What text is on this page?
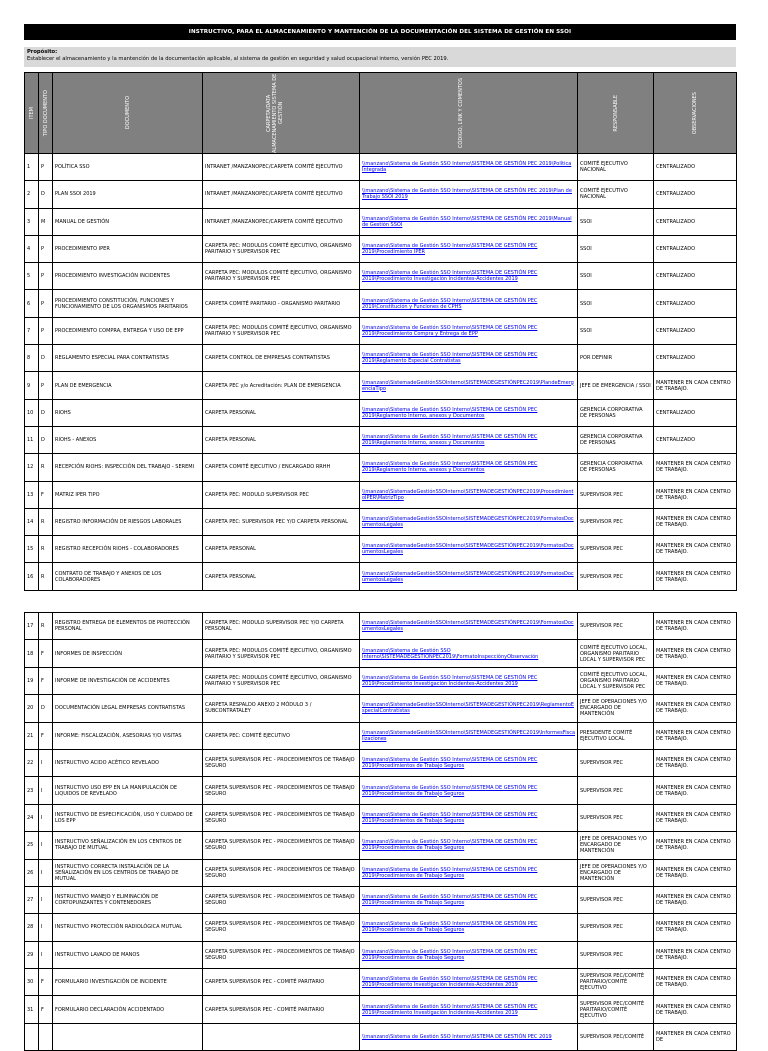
INSTRUCTIVO, PARA EL ALMACENAMIENTO Y MANTENCIÓN DE LA DOCUMENTACIÓN DEL SISTEMA DE GESTIÓN EN SSOI
Propósito:
Establecer el almacenamiento y la mantención de la documentación aplicable, al sistema de gestión en seguridad y salud ocupacional interno, versión PEC 2019.
ITEM	TIPO DOCUMENTO	DOCUMENTO	CARPETA/DATA ALMACENAMIENTO SISTEMA DE GESTIÓN	CÓDIGO, LINK Y COMENTOS	RESPONSABLE	OBSERVACIONES

1	P	POLÍTICA SSO	INTRANET /MANZANOPEC/CARPETA COMITÉ EJECUTIVO	\\manzano\Sistema de Gestión SSO Interno\SISTEMA DE GESTIÓN PEC 2019\Política Integrada	COMITÉ EJECUTIVO NACIONAL	CENTRALIZADO
2	D	PLAN SSOI 2019	INTRANET /MANZANOPEC/CARPETA COMITÉ EJECUTIVO	\\manzano\Sistema de Gestión SSO Interno\SISTEMA DE GESTIÓN PEC 2019\Plan de Trabajo SSOI 2019	COMITÉ EJECUTIVO NACIONAL	CENTRALIZADO
3	M	MANUAL DE GESTIÓN	INTRANET /MANZANOPEC/CARPETA COMITÉ EJECUTIVO	\\manzano\Sistema de Gestión SSO Interno\SISTEMA DE GESTIÓN PEC 2019\Manual de Gestión SSOI	SSOI	CENTRALIZADO
4	P	PROCEDIMIENTO IPER	CARPETA PEC: MODULOS COMITÉ EJECUTIVO, ORGANISMO PARITARIO Y SUPERVISOR PEC	\\manzano\Sistema de Gestión SSO Interno\SISTEMA DE GESTIÓN PEC 2019\Procedimiento IPER	SSOI	CENTRALIZADO
5	P	PROCEDIMIENTO INVESTIGACIÓN INCIDENTES	CARPETA PEC: MODULOS COMITÉ EJECUTIVO, ORGANISMO PARITARIO Y SUPERVISOR PEC	\\manzano\Sistema de Gestión SSO Interno\SISTEMA DE GESTIÓN PEC 2019\Procedimiento Investigación Incidentes-Accidentes 2019	SSOI	CENTRALIZADO
6	P	PROCEDIMIENTO CONSTITUCIÓN, FUNCIONES Y FUNCIONAMIENTO DE LOS ORGANISMOS PARITARIOS	CARPETA COMITÉ PARITARIO - ORGANISMO PARITARIO	\\manzano\Sistema de Gestión SSO Interno\SISTEMA DE GESTIÓN PEC 2019\Constitución y Funciones de CPHS	SSOI	CENTRALIZADO
7	P	PROCEDIMIENTO COMPRA, ENTREGA Y USO DE EPP	CARPETA PEC: MODULOS COMITÉ EJECUTIVO, ORGANISMO PARITARIO Y SUPERVISOR PEC	\\manzano\Sistema de Gestión SSO Interno\SISTEMA DE GESTIÓN PEC 2019\Procedimiento Compra y Entrega de EPP	SSOI	CENTRALIZADO
8	D	REGLAMENTO ESPECIAL PARA CONTRATISTAS	CARPETA CONTROL DE EMPRESAS CONTRATISTAS	\\manzano\Sistema de Gestión SSO Interno\SISTEMA DE GESTIÓN PEC 2019\Reglamento Especial Contratistas	POR DEFINIR	CENTRALIZADO
9	P	PLAN DE EMERGENCIA	CARPETA PEC y/o Acreditación: PLAN DE EMERGENCIA	\\manzano\SistemadeGestiónSSOInterno\SISTEMADEGESTIÓNPEC2019\PlandeEmergenciaTipo	JEFE DE EMERGENCIA / SSOI	MANTENER EN CADA CENTRO DE TRABAJO.
10	D	RIOHS	CARPETA PERSONAL	\\manzano\Sistema de Gestión SSO Interno\SISTEMA DE GESTIÓN PEC 2019\Reglamento Interno, anexos y Documentos	GERENCIA CORPORATIVA DE PERSONAS	CENTRALIZADO
11	D	RIOHS - ANEXOS	CARPETA PERSONAL	\\manzano\Sistema de Gestión SSO Interno\SISTEMA DE GESTIÓN PEC 2019\Reglamento Interno, anexos y Documentos	GERENCIA CORPORATIVA DE PERSONAS	CENTRALIZADO
12	R	RECEPCIÓN RIOHS: INSPECCIÓN DEL TRABAJO - SEREMI	CARPETA COMITÉ EJECUTIVO / ENCARGADO RRHH	\\manzano\Sistema de Gestión SSO Interno\SISTEMA DE GESTIÓN PEC 2019\Reglamento Interno, anexos y Documentos	GERENCIA CORPORATIVA DE PERSONAS	MANTENER EN CADA CENTRO DE TRABAJO.
13	F	MATRIZ IPER TIPO	CARPETA PEC: MODULO SUPERVISOR PEC	\\manzano\SistemadeGestiónSSOInterno\SISTEMADEGESTIÓNPEC2019\ProcedimientoIPER\MatrizTipo	SUPERVISOR PEC	MANTENER EN CADA CENTRO DE TRABAJO.
14	R	REGISTRO INFORMACIÓN DE RIESGOS LABORALES	CARPETA PEC: SUPERVISOR PEC Y/O CARPETA PERSONAL	\\manzano\SistemadeGestiónSSOInterno\SISTEMADEGESTIÓNPEC2019\FormatosDocumentosLegales	SUPERVISOR PEC	MANTENER EN CADA CENTRO DE TRABAJO.
15	R	REGISTRO RECEPCIÓN RIOHS - COLABORADORES	CARPETA PERSONAL	\\manzano\SistemadeGestiónSSOInterno\SISTEMADEGESTIÓNPEC2019\FormatosDocumentosLegales	SUPERVISOR PEC	MANTENER EN CADA CENTRO DE TRABAJO.
16	R	CONTRATO DE TRABAJO Y ANEXOS DE LOS COLABORADORES	CARPETA PERSONAL	\\manzano\SistemadeGestiónSSOInterno\SISTEMADEGESTIÓNPEC2019\FormatosDocumentosLegales	SUPERVISOR PEC	MANTENER EN CADA CENTRO DE TRABAJO.
17	R	REGISTRO ENTREGA DE ELEMENTOS DE PROTECCIÓN PERSONAL	CARPETA PEC: MODULO SUPERVISOR PEC Y/O CARPETA PERSONAL	\\manzano\SistemadeGestiónSSOInterno\SISTEMADEGESTIÓNPEC2019\FormatosDocumentosLegales	SUPERVISOR PEC	MANTENER EN CADA CENTRO DE TRABAJO.
18	F	INFORMES DE INSPECCIÓN	CARPETA PEC: MODULOS COMITÉ EJECUTIVO, ORGANISMO PARITARIO Y SUPERVISOR PEC	\\manzano\Sistema de Gestión SSO Interno\SISTEMADEGESTIÓNPEC2019\FormatoInspecciónyObservación	COMITÉ EJECUTIVO LOCAL, ORGANISMO PARITARIO LOCAL Y SUPERVISOR PEC	MANTENER EN CADA CENTRO DE TRABAJO.
19	F	INFORME DE INVESTIGACIÓN DE ACCIDENTES	CARPETA PEC: MODULOS COMITÉ EJECUTIVO, ORGANISMO PARITARIO Y SUPERVISOR PEC	\\manzano\Sistema de Gestión SSO Interno\SISTEMA DE GESTIÓN PEC 2019\Procedimiento Investigación Incidentes-Accidentes 2019	COMITÉ EJECUTIVO LOCAL, ORGANISMO PARITARIO LOCAL Y SUPERVISOR PEC	MANTENER EN CADA CENTRO DE TRABAJO.
20	D	DOCUMENTACIÓN LEGAL EMPRESAS CONTRATISTAS	CARPETA RESPALDO ANEXO 2 MÓDULO 3 / SUBCONTRATALEY	\\manzano\SistemadeGestiónSSOInterno\SISTEMADEGESTIÓNPEC2019\ReglamentoEspecialContratistas	JEFE DE OPERACIONES Y/O ENCARGADO DE MANTENCIÓN	MANTENER EN CADA CENTRO DE TRABAJO.
21	F	INFORME: FISCALIZACIÓN, ASESORIAS Y/O VISITAS	CARPETA PEC: COMITÉ EJECUTIVO	\\manzano\SistemadeGestiónSSOInterno\SISTEMADEGESTIÓNPEC2019\InformesFiscalizaciones	PRESIDENTE COMITÉ EJECUTIVO LOCAL	MANTENER EN CADA CENTRO DE TRABAJO.
22	I	INSTRUCTIVO ACIDO ACÉTICO REVELADO	CARPETA SUPERVISOR PEC - PROCEDIMIENTOS DE TRABAJO SEGURO	\\manzano\Sistema de Gestión SSO Interno\SISTEMA DE GESTIÓN PEC 2019\Procedimientos de Trabajo Seguros	SUPERVISOR PEC	MANTENER EN CADA CENTRO DE TRABAJO.
23	I	INSTRUCTIVO USO EPP EN LA MANIPULACIÓN DE LIQUIDOS DE REVELADO	CARPETA SUPERVISOR PEC - PROCEDIMIENTOS DE TRABAJO SEGURO	\\manzano\Sistema de Gestión SSO Interno\SISTEMA DE GESTIÓN PEC 2019\Procedimientos de Trabajo Seguros	SUPERVISOR PEC	MANTENER EN CADA CENTRO DE TRABAJO.
24	I	INSTRUCTIVO DE ESPECIFICACIÓN, USO Y CUIDADO DE LOS EPP	CARPETA SUPERVISOR PEC - PROCEDIMIENTOS DE TRABAJO SEGURO	\\manzano\Sistema de Gestión SSO Interno\SISTEMA DE GESTIÓN PEC 2019\Procedimientos de Trabajo Seguros	SUPERVISOR PEC	MANTENER EN CADA CENTRO DE TRABAJO.
25	I	INSTRUCTIVO SEÑALIZACIÓN EN LOS CENTROS DE TRABAJO DE MUTUAL	CARPETA SUPERVISOR PEC - PROCEDIMIENTOS DE TRABAJO SEGURO	\\manzano\Sistema de Gestión SSO Interno\SISTEMA DE GESTIÓN PEC 2019\Procedimientos de Trabajo Seguros	JEFE DE OPERACIONES Y/O ENCARGADO DE MANTENCIÓN	MANTENER EN CADA CENTRO DE TRABAJO.
26	I	INSTRUCTIVO CORRECTA INSTALACIÓN DE LA SEÑALIZACIÓN EN LOS CENTROS DE TRABAJO DE MUTUAL	CARPETA SUPERVISOR PEC - PROCEDIMIENTOS DE TRABAJO SEGURO	\\manzano\Sistema de Gestión SSO Interno\SISTEMA DE GESTIÓN PEC 2019\Procedimientos de Trabajo Seguros	JEFE DE OPERACIONES Y/O ENCARGADO DE MANTENCIÓN	MANTENER EN CADA CENTRO DE TRABAJO.
27	I	INSTRUCTIVO MANEJO Y ELIMINACIÓN DE CORTOPUNZANTES Y CONTENEDORES	CARPETA SUPERVISOR PEC - PROCEDIMIENTOS DE TRABAJO SEGURO	\\manzano\Sistema de Gestión SSO Interno\SISTEMA DE GESTIÓN PEC 2019\Procedimientos de Trabajo Seguros	SUPERVISOR PEC	MANTENER EN CADA CENTRO DE TRABAJO.
28	I	INSTRUCTIVO PROTECCIÓN RADIOLÓGICA MUTUAL	CARPETA SUPERVISOR PEC - PROCEDIMIENTOS DE TRABAJO SEGURO	\\manzano\Sistema de Gestión SSO Interno\SISTEMA DE GESTIÓN PEC 2019\Procedimientos de Trabajo Seguros	SUPERVISOR PEC	MANTENER EN CADA CENTRO DE TRABAJO.
29	I	INSTRUCTIVO LAVADO DE MANOS	CARPETA SUPERVISOR PEC - PROCEDIMIENTOS DE TRABAJO SEGURO	\\manzano\Sistema de Gestión SSO Interno\SISTEMA DE GESTIÓN PEC 2019\Procedimientos de Trabajo Seguros	SUPERVISOR PEC	MANTENER EN CADA CENTRO DE TRABAJO.
30	F	FORMULARIO INVESTIGACIÓN DE INCIDENTE	CARPETA SUPERVISOR PEC - COMITÉ PARITARIO	\\manzano\Sistema de Gestión SSO Interno\SISTEMA DE GESTIÓN PEC 2019\Procedimiento Investigación Incidentes-Accidentes 2019	SUPERVISOR PEC/COMITÉ PARITARIO/COMITÉ EJECUTIVO	MANTENER EN CADA CENTRO DE TRABAJO.
31	F	FORMULARIO DECLARACIÓN ACCIDENTADO	CARPETA SUPERVISOR PEC - COMITÉ PARITARIO	\\manzano\Sistema de Gestión SSO Interno\SISTEMA DE GESTIÓN PEC 2019\Procedimiento Investigación Incidentes-Accidentes 2019	SUPERVISOR PEC/COMITÉ PARITARIO/COMITÉ EJECUTIVO	MANTENER EN CADA CENTRO DE TRABAJO.
				\\manzano\Sistema de Gestión SSO Interno\SISTEMA DE GESTIÓN PEC 2019	SUPERVISOR PEC/COMITÉ	MANTENER EN CADA CENTRO DE
